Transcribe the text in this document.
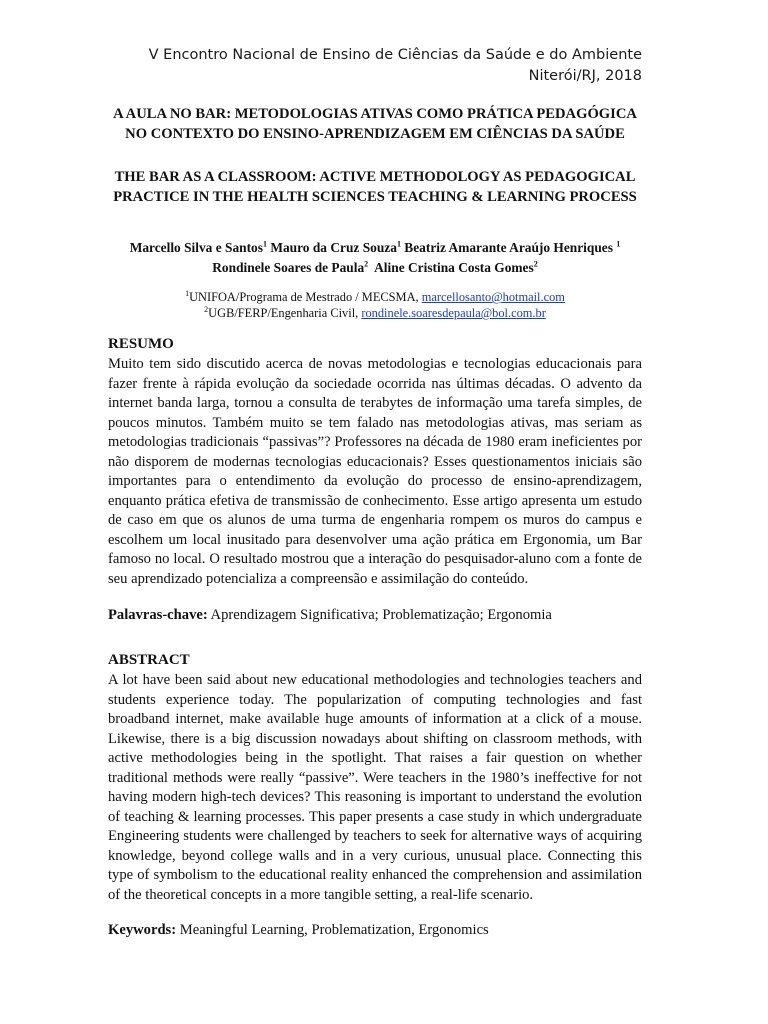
V Encontro Nacional de Ensino de Ciências da Saúde e do Ambiente
Niterói/RJ, 2018
A AULA NO BAR: METODOLOGIAS ATIVAS COMO PRÁTICA PEDAGÓGICA NO CONTEXTO DO ENSINO-APRENDIZAGEM EM CIÊNCIAS DA SAÚDE
THE BAR AS A CLASSROOM: ACTIVE METHODOLOGY AS PEDAGOGICAL PRACTICE IN THE HEALTH SCIENCES TEACHING & LEARNING PROCESS
Marcello Silva e Santos$^1$ Mauro da Cruz Souza$^1$ Beatriz Amarante Araújo Henriques $^1$
Rondinele Soares de Paula$^2$ Aline Cristina Costa Gomes$^2$
$^1$UNIFOA/Programa de Mestrado / MECSMA, marcellosanto@hotmail.com
$^2$UGB/FERP/Engenharia Civil, rondinele.soaresdepaula@bol.com.br
RESUMO
Muito tem sido discutido acerca de novas metodologias e tecnologias educacionais para fazer frente à rápida evolução da sociedade ocorrida nas últimas décadas. O advento da internet banda larga, tornou a consulta de terabytes de informação uma tarefa simples, de poucos minutos. Também muito se tem falado nas metodologias ativas, mas seriam as metodologias tradicionais “passivas”? Professores na década de 1980 eram ineficientes por não disporem de modernas tecnologias educacionais? Esses questionamentos iniciais são importantes para o entendimento da evolução do processo de ensino-aprendizagem, enquanto prática efetiva de transmissão de conhecimento. Esse artigo apresenta um estudo de caso em que os alunos de uma turma de engenharia rompem os muros do campus e escolhem um local inusitado para desenvolver uma ação prática em Ergonomia, um Bar famoso no local. O resultado mostrou que a interação do pesquisador-aluno com a fonte de seu aprendizado potencializa a compreensão e assimilação do conteúdo.
Palavras-chave: Aprendizagem Significativa; Problematização; Ergonomia
ABSTRACT
A lot have been said about new educational methodologies and technologies teachers and students experience today. The popularization of computing technologies and fast broadband internet, make available huge amounts of information at a click of a mouse. Likewise, there is a big discussion nowadays about shifting on classroom methods, with active methodologies being in the spotlight. That raises a fair question on whether traditional methods were really “passive”. Were teachers in the 1980’s ineffective for not having modern high-tech devices? This reasoning is important to understand the evolution of teaching & learning processes. This paper presents a case study in which undergraduate Engineering students were challenged by teachers to seek for alternative ways of acquiring knowledge, beyond college walls and in a very curious, unusual place. Connecting this type of symbolism to the educational reality enhanced the comprehension and assimilation of the theoretical concepts in a more tangible setting, a real-life scenario.
Keywords: Meaningful Learning, Problematization, Ergonomics
